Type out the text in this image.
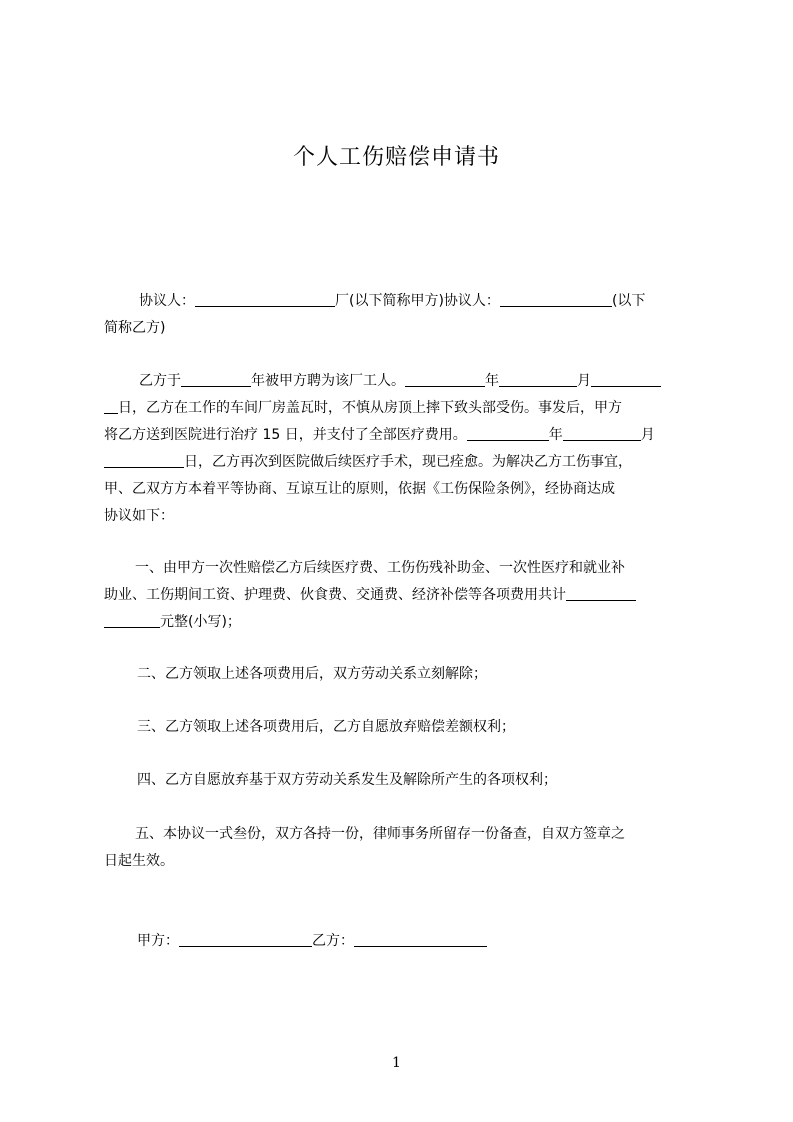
个人工伤赔偿申请书

协议人：	厂(以下简称甲方)协议人：	(以下

简称乙方)

乙方于	年被甲方聘为该厂工人。	年	月

日，乙方在工作的车间厂房盖瓦时，不慎从房顶上摔下致头部受伤。事发后，甲方

将乙方送到医院进行治疗 15 日，并支付了全部医疗费用。	年	月

日，乙方再次到医院做后续医疗手术，现已痊愈。为解决乙方工伤事宜，

甲、乙双方方本着平等协商、互谅互让的原则，依据《工伤保险条例》，经协商达成

协议如下：

一、由甲方一次性赔偿乙方后续医疗费、工伤伤残补助金、一次性医疗和就业补

助业、工伤期间工资、护理费、伙食费、交通费、经济补偿等各项费用共计

元整(小写)；

二、乙方领取上述各项费用后，双方劳动关系立刻解除；

三、乙方领取上述各项费用后，乙方自愿放弃赔偿差额权利；

四、乙方自愿放弃基于双方劳动关系发生及解除所产生的各项权利；

五、本协议一式叁份，双方各持一份，律师事务所留存一份备查，自双方签章之

日起生效。

甲方：	乙方：

1
